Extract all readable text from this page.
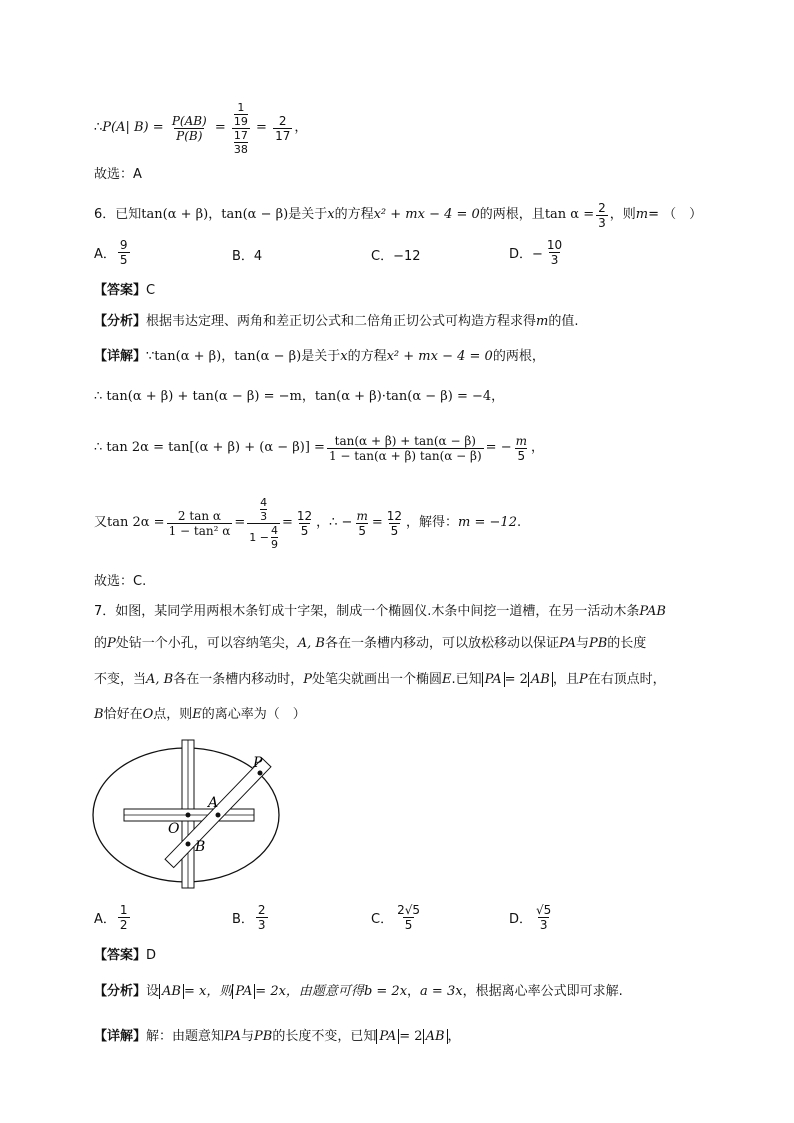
∴ P(A| $B) = \frac{P(AB)}{P(B)} = 1$
19
17
$38 = \frac{2}{17}$ ，
故选：A
6．已知 tan(α + β) ， tan(α − β) 是关于 x 的方程 x² + mx − 4 = 0 的两根，且 $\tan \alpha = \frac{2}{3}$ ，则 m = （　）
A． $\frac{9}{5}$	B．4	C．−12	D．− $\frac{10}{3}$
【答案】C
【分析】根据韦达定理、两角和差正切公式和二倍角正切公式可构造方程求得m的值.
【详解】∵tan(α + β)，tan(α − β)是关于x的方程x² + mx − 4 = 0的两根，
∴ tan(α + β) + tan(α − β) = −m，tan(α + β)·tan(α − β) = −4，
∴ $\tan 2\alpha = \tan[(\alpha + \beta) + (\alpha - \beta)] = \frac{\tan(\alpha + \beta) + \tan(\alpha - \beta)}{1 - \tan(\alpha + \beta) \tan(\alpha - \beta)}$ = − $\frac{m}{5}$ ，
又 $\tan 2\alpha = \frac{\text{2 tan α}}{\text{1 − tan² α}} = 4$
3
$1 - \frac{4}{9} = \frac{12}{5}$ ，∴ − $\frac{m}{5} = \frac{12}{5}$ ，解得： m = −12 .
故选：C.
7．如图，某同学用两根木条钉成十字架，制成一个椭圆仪.木条中间挖一道槽，在另一活动木条PAB
的P处钻一个小孔，可以容纳笔尖，A, B各在一条槽内移动，可以放松移动以保证PA与PB的长度
不变，当A, B各在一条槽内移动时，P处笔尖就画出一个椭圆E.已知 PA = 2 AB ，且P在右顶点时，
B恰好在O点，则E的离心率为（　）
P
A
O
B
A． $\frac{1}{2}$	B． $\frac{2}{3}$	C． $\frac{2√5}{5}$	D． $\frac{√5}{3}$
【答案】D
【分析】设 AB = x，则 PA = 2x，由题意可得b = 2x，a = 3x，根据离心率公式即可求解.
【详解】解：由题意知PA与PB的长度不变，已知 PA = 2 AB ，
